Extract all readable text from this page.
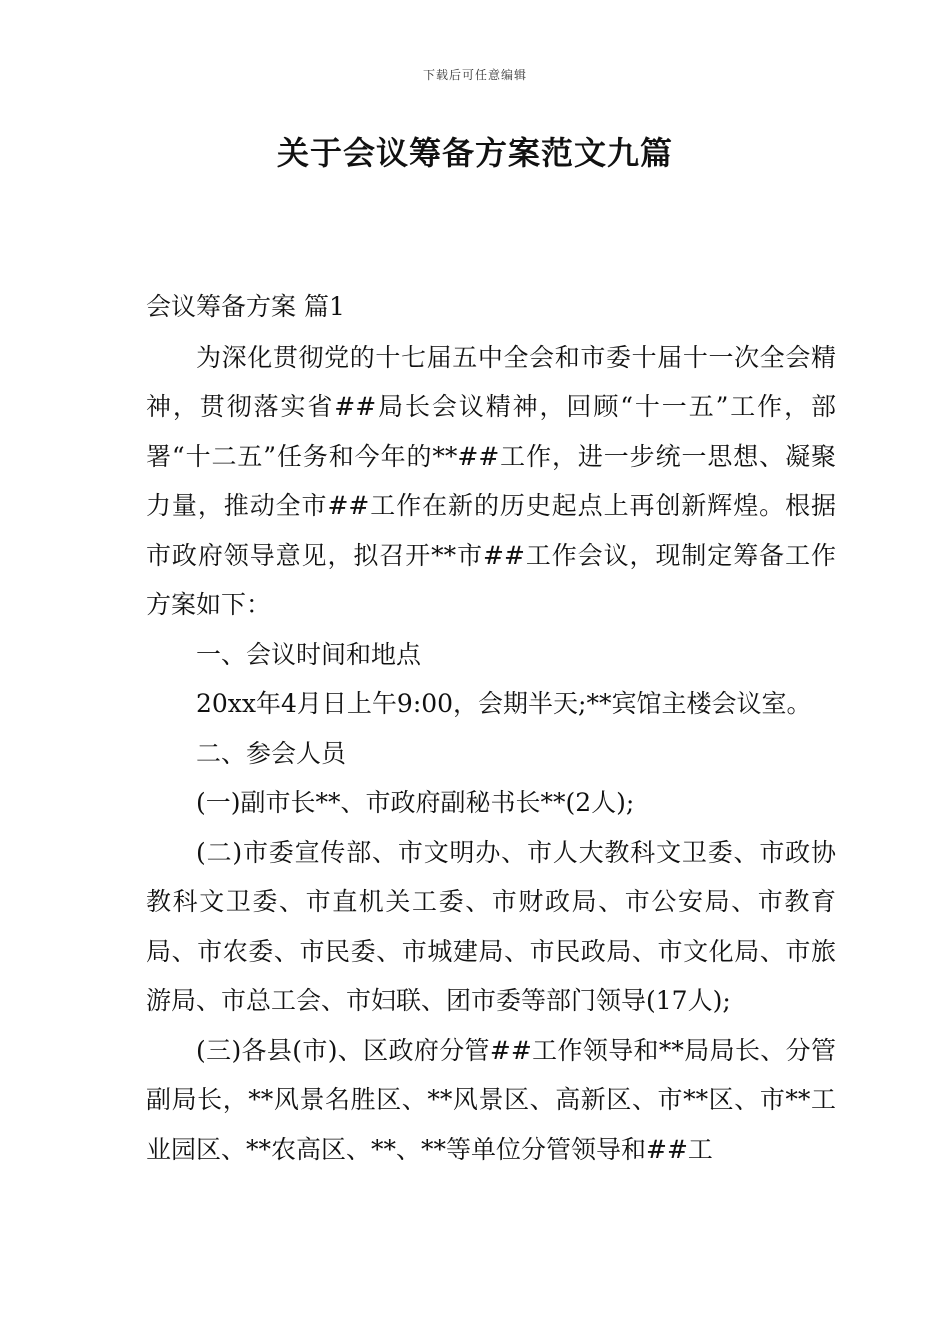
下载后可任意编辑
关于会议筹备方案范文九篇

会议筹备方案 篇1

为深化贯彻党的十七届五中全会和市委十届十一次全会精神，贯彻落实省##局长会议精神，回顾“十一五”工作，部署“十二五”任务和今年的**##工作，进一步统一思想、凝聚力量，推动全市##工作在新的历史起点上再创新辉煌。根据市政府领导意见，拟召开**市##工作会议，现制定筹备工作方案如下：

一、会议时间和地点

20xx年4月日上午9:00，会期半天;**宾馆主楼会议室。

二、参会人员

(一)副市长**、市政府副秘书长**(2人);

(二)市委宣传部、市文明办、市人大教科文卫委、市政协教科文卫委、市直机关工委、市财政局、市公安局、市教育局、市农委、市民委、市城建局、市民政局、市文化局、市旅游局、市总工会、市妇联、团市委等部门领导(17人);

(三)各县(市)、区政府分管##工作领导和**局局长、分管副局长，**风景名胜区、**风景区、高新区、市**区、市**工业园区、**农高区、**、**等单位分管领导和##工
